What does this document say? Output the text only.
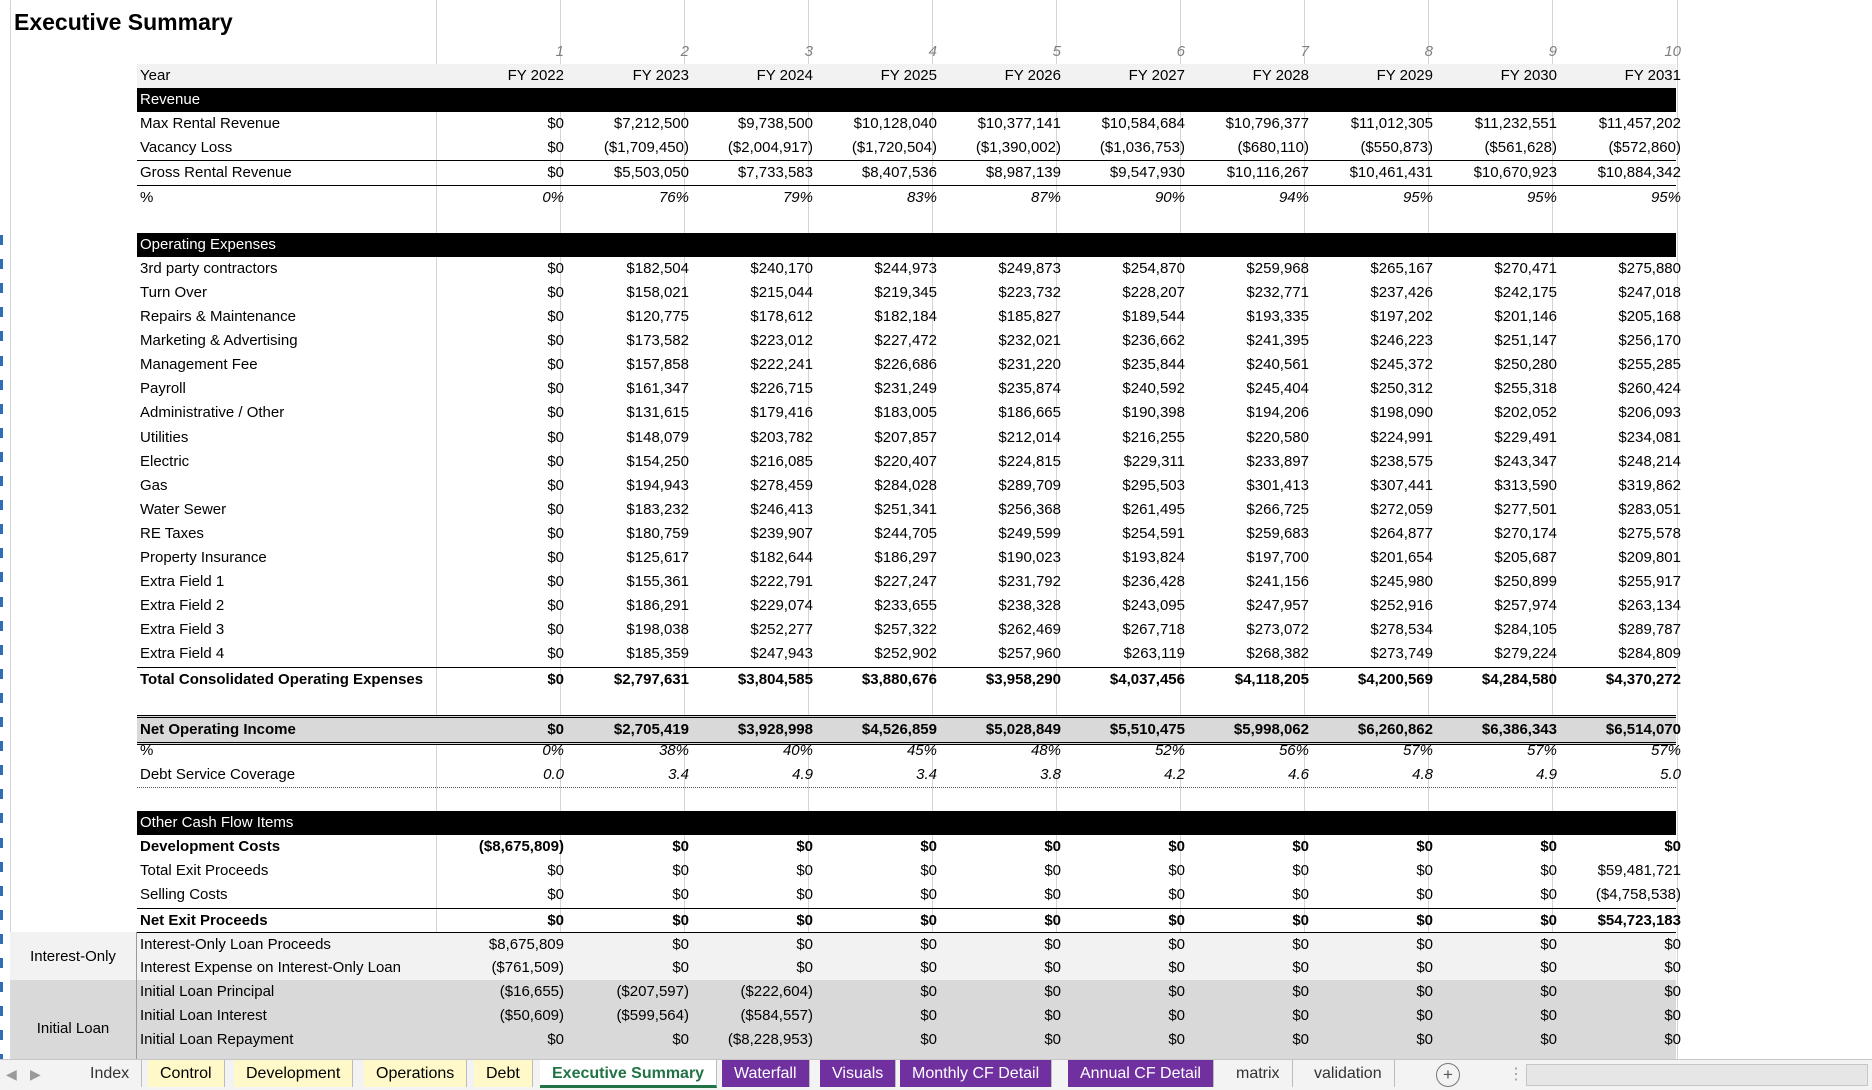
Executive Summary
1	2	3	4	5	6	7	8	9	10
Year	FY 2022	FY 2023	FY 2024	FY 2025	FY 2026	FY 2027	FY 2028	FY 2029	FY 2030	FY 2031
Revenue
Max Rental Revenue	$0	$7,212,500	$9,738,500	$10,128,040	$10,377,141	$10,584,684	$10,796,377	$11,012,305	$11,232,551	$11,457,202
Vacancy Loss	$0	($1,709,450)	($2,004,917)	($1,720,504)	($1,390,002)	($1,036,753)	($680,110)	($550,873)	($561,628)	($572,860)
Gross Rental Revenue	$0	$5,503,050	$7,733,583	$8,407,536	$8,987,139	$9,547,930	$10,116,267	$10,461,431	$10,670,923	$10,884,342
%	0%	76%	79%	83%	87%	90%	94%	95%	95%	95%
Operating Expenses
3rd party contractors	$0	$182,504	$240,170	$244,973	$249,873	$254,870	$259,968	$265,167	$270,471	$275,880
Turn Over	$0	$158,021	$215,044	$219,345	$223,732	$228,207	$232,771	$237,426	$242,175	$247,018
Repairs & Maintenance	$0	$120,775	$178,612	$182,184	$185,827	$189,544	$193,335	$197,202	$201,146	$205,168
Marketing & Advertising	$0	$173,582	$223,012	$227,472	$232,021	$236,662	$241,395	$246,223	$251,147	$256,170
Management Fee	$0	$157,858	$222,241	$226,686	$231,220	$235,844	$240,561	$245,372	$250,280	$255,285
Payroll	$0	$161,347	$226,715	$231,249	$235,874	$240,592	$245,404	$250,312	$255,318	$260,424
Administrative / Other	$0	$131,615	$179,416	$183,005	$186,665	$190,398	$194,206	$198,090	$202,052	$206,093
Utilities	$0	$148,079	$203,782	$207,857	$212,014	$216,255	$220,580	$224,991	$229,491	$234,081
Electric	$0	$154,250	$216,085	$220,407	$224,815	$229,311	$233,897	$238,575	$243,347	$248,214
Gas	$0	$194,943	$278,459	$284,028	$289,709	$295,503	$301,413	$307,441	$313,590	$319,862
Water Sewer	$0	$183,232	$246,413	$251,341	$256,368	$261,495	$266,725	$272,059	$277,501	$283,051
RE Taxes	$0	$180,759	$239,907	$244,705	$249,599	$254,591	$259,683	$264,877	$270,174	$275,578
Property Insurance	$0	$125,617	$182,644	$186,297	$190,023	$193,824	$197,700	$201,654	$205,687	$209,801
Extra Field 1	$0	$155,361	$222,791	$227,247	$231,792	$236,428	$241,156	$245,980	$250,899	$255,917
Extra Field 2	$0	$186,291	$229,074	$233,655	$238,328	$243,095	$247,957	$252,916	$257,974	$263,134
Extra Field 3	$0	$198,038	$252,277	$257,322	$262,469	$267,718	$273,072	$278,534	$284,105	$289,787
Extra Field 4	$0	$185,359	$247,943	$252,902	$257,960	$263,119	$268,382	$273,749	$279,224	$284,809
Total Consolidated Operating Expenses	$0	$2,797,631	$3,804,585	$3,880,676	$3,958,290	$4,037,456	$4,118,205	$4,200,569	$4,284,580	$4,370,272
Net Operating Income	$0	$2,705,419	$3,928,998	$4,526,859	$5,028,849	$5,510,475	$5,998,062	$6,260,862	$6,386,343	$6,514,070
%	0%	38%	40%	45%	48%	52%	56%	57%	57%	57%
Debt Service Coverage	0.0	3.4	4.9	3.4	3.8	4.2	4.6	4.8	4.9	5.0
Other Cash Flow Items
Development Costs	($8,675,809)	$0	$0	$0	$0	$0	$0	$0	$0	$0
Total Exit Proceeds	$0	$0	$0	$0	$0	$0	$0	$0	$0	$59,481,721
Selling Costs	$0	$0	$0	$0	$0	$0	$0	$0	$0	($4,758,538)
Net Exit Proceeds	$0	$0	$0	$0	$0	$0	$0	$0	$0	$54,723,183
Interest-Only Loan Proceeds	$8,675,809	$0	$0	$0	$0	$0	$0	$0	$0	$0
Interest Expense on Interest-Only Loan	($761,509)	$0	$0	$0	$0	$0	$0	$0	$0	$0
Initial Loan Principal	($16,655)	($207,597)	($222,604)	$0	$0	$0	$0	$0	$0	$0
Initial Loan Interest	($50,609)	($599,564)	($584,557)	$0	$0	$0	$0	$0	$0	$0
Initial Loan Repayment	$0	$0	($8,228,953)	$0	$0	$0	$0	$0	$0	$0
Interest-Only
Initial Loan
◀ ▶	Index	Control	Development	Operations	Debt	Executive Summary	Waterfall	Visuals	Monthly CF Detail	Annual CF Detail	matrix	validation	+	⋮
